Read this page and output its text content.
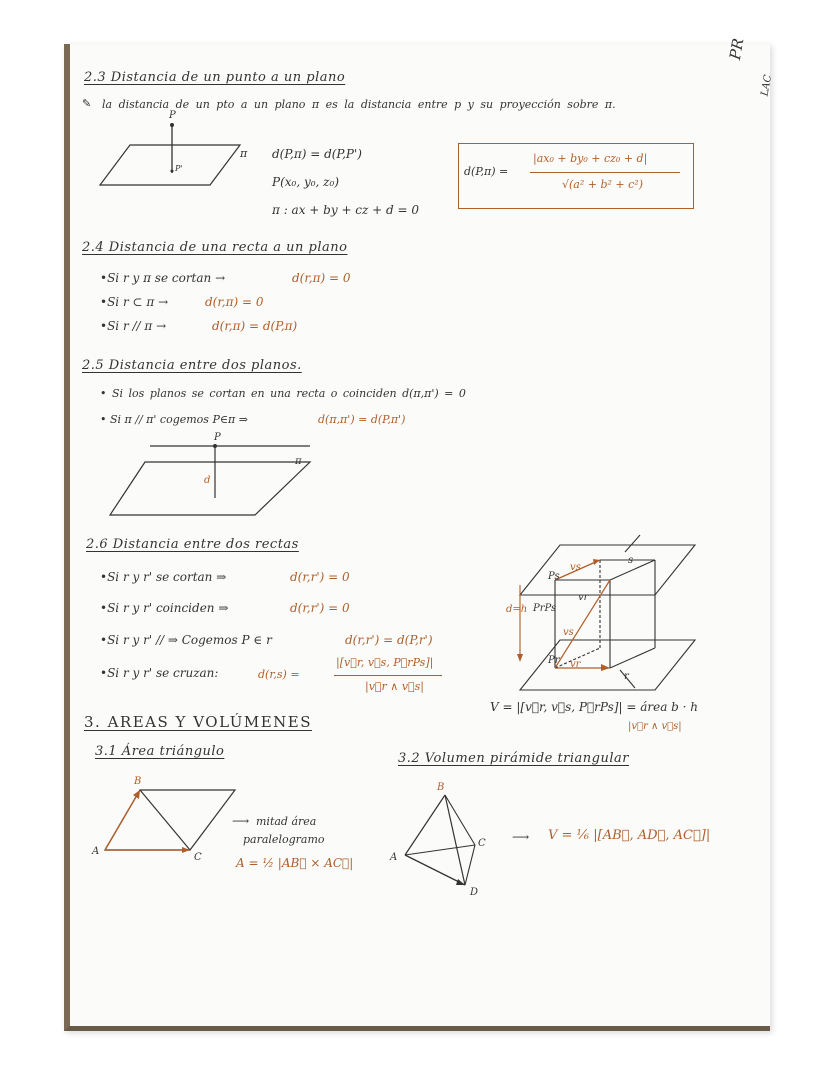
PR
LAC
2.3 Distancia de un punto a un plano
✎ la distancia de un pto a un plano π es la distancia entre p y su proyección sobre π.
P
P'
π d(P,π) = d(P,P')
P(x₀, y₀, z₀)
π : ax + by + cz + d = 0
d(P,π) =
|ax₀ + by₀ + cz₀ + d|
√(a² + b² + c²)
2.4 Distancia de una recta a un plano
•Si r y π se cortan →	d(r,π) = 0
•Si r ⊂ π →	d(r,π) = 0
•Si r // π →	d(r,π) = d(P,π)
2.5 Distancia entre dos planos.
• Si los planos se cortan en una recta o coinciden d(π,π') = 0
• Si π // π' cogemos P∈π ⇒	d(π,π') = d(P,π')
P
d
π
2.6 Distancia entre dos rectas
•Si r y r' se cortan ⇒	d(r,r') = 0
•Si r y r' coinciden ⇒	d(r,r') = 0
•Si r y r' // ⇒ Cogemos P ∈ r	d(r,r') = d(P,r')
•Si r y r' se cruzan:	d(r,s) =
|[v⃗r, v⃗s, P⃗rPs]|
|v⃗r ∧ v⃗s|
d=h PrPs
Ps
Pr
vs
vs
vr
vr
s
r
V = |[v⃗r, v⃗s, P⃗rPs]| = área b · h
|v⃗r ∧ v⃗s|
3. AREAS Y VOLÚMENES
3.1 Área triángulo	3.2 Volumen pirámide triangular
B
A
C
⟶ mitad área
paralelogramo
A = ½ |AB⃗ × AC⃗|
B
A
C
D
⟶ V = ⅙ |[AB⃗, AD⃗, AC⃗]|
